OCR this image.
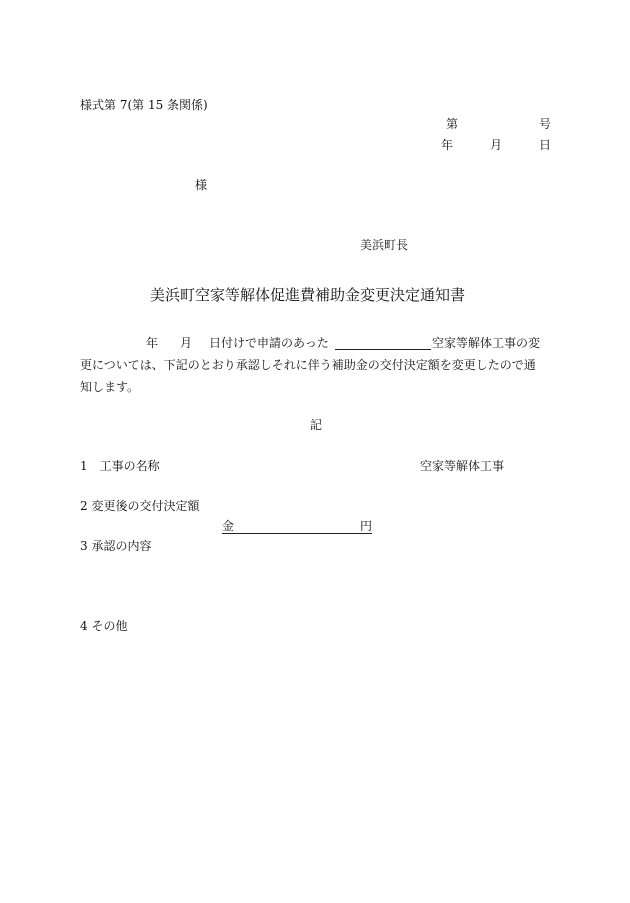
様式第 7(第 15 条関係)
第	号
年	月	日
様
美浜町長
美浜町空家等解体促進費補助金変更決定通知書
年 月 日付けで申請のあった	空家等解体工事の変
更については、下記のとおり承認しそれに伴う補助金の交付決定額を変更したので通
知します。
記
1　工事の名称	空家等解体工事
2 変更後の交付決定額
金	円
3 承認の内容
4 その他
